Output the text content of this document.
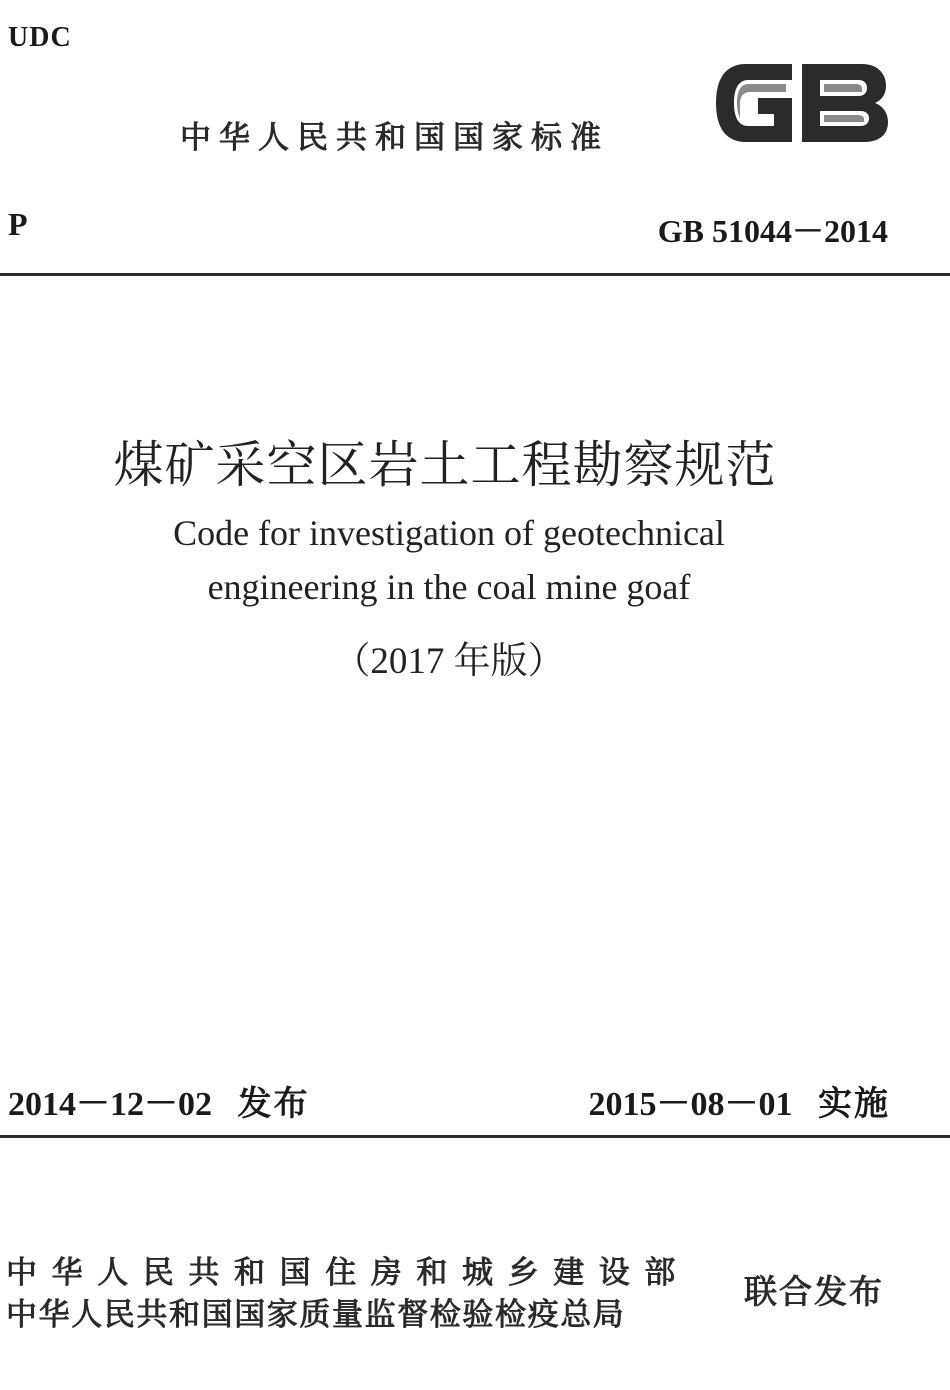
UDC
中华人民共和国国家标准
P	GB 51044－2014
煤矿采空区岩土工程勘察规范
Code for investigation of geotechnical
engineering in the coal mine goaf
（2017 年版）
2014－12－02 发布	2015－08－01 实施
中华人民共和国住房和城乡建设部
中华人民共和国国家质量监督检验检疫总局
联合发布
